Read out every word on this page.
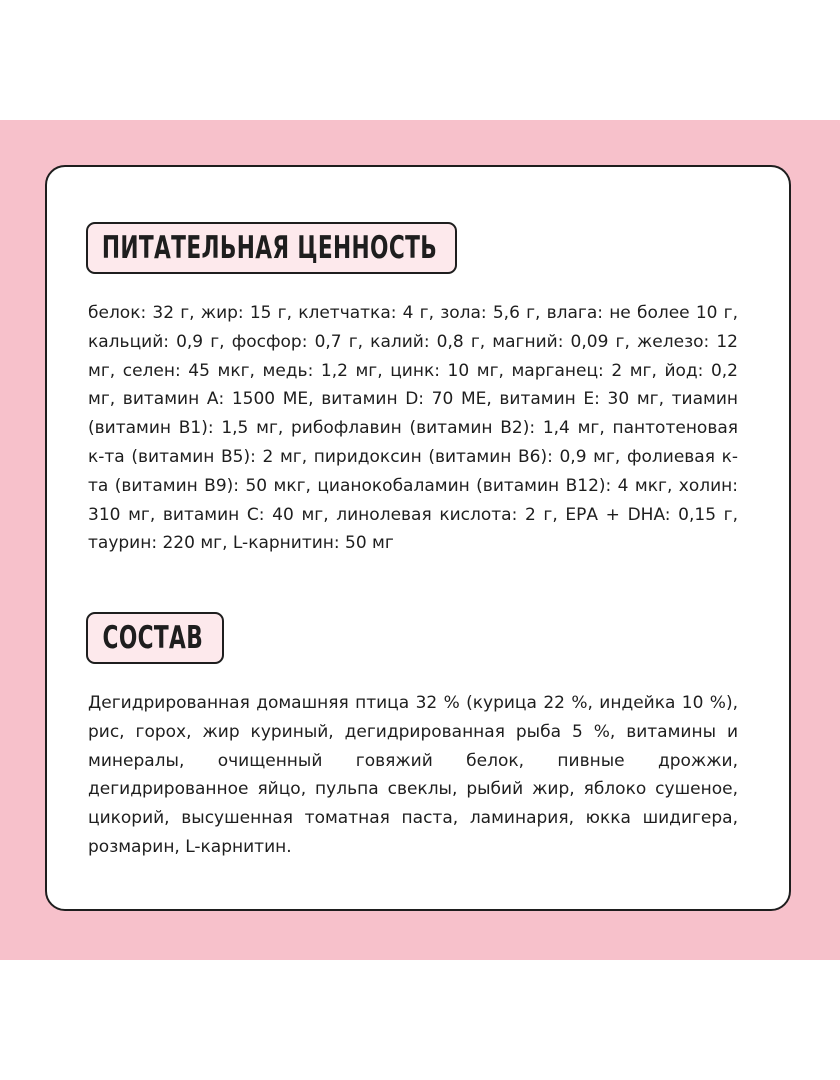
ПИТАТЕЛЬНАЯ ЦЕННОСТЬ

белок: 32 г, жир: 15 г, клетчатка: 4 г, зола: 5,6 г, влага: не более 10 г, кальций: 0,9 г, фосфор: 0,7 г, калий: 0,8 г, магний: 0,09 г, железо: 12 мг, селен: 45 мкг, медь: 1,2 мг, цинк: 10 мг, марганец: 2 мг, йод: 0,2 мг, витамин А: 1500 МЕ, витамин D: 70 МЕ, витамин Е: 30 мг, тиамин (витамин В1): 1,5 мг, рибофлавин (витамин В2): 1,4 мг, пантотеновая к-та (витамин В5): 2 мг, пиридоксин (витамин В6): 0,9 мг, фолиевая к-та (витамин В9): 50 мкг, цианокобаламин (витамин В12): 4 мкг, холин: 310 мг, витамин С: 40 мг, линолевая кислота: 2 г, ЕРА + DHA: 0,15 г, таурин: 220 мг, L-карнитин: 50 мг

СОСТАВ

Дегидрированная домашняя птица 32 % (курица 22 %, индейка 10 %), рис, горох, жир куриный, дегидрированная рыба 5 %, витамины и минералы, очищенный говяжий белок, пивные дрожжи, дегидрированное яйцо, пульпа свеклы, рыбий жир, яблоко сушеное, цикорий, высушенная томатная паста, ламинария, юкка шидигера, розмарин, L-карнитин.
